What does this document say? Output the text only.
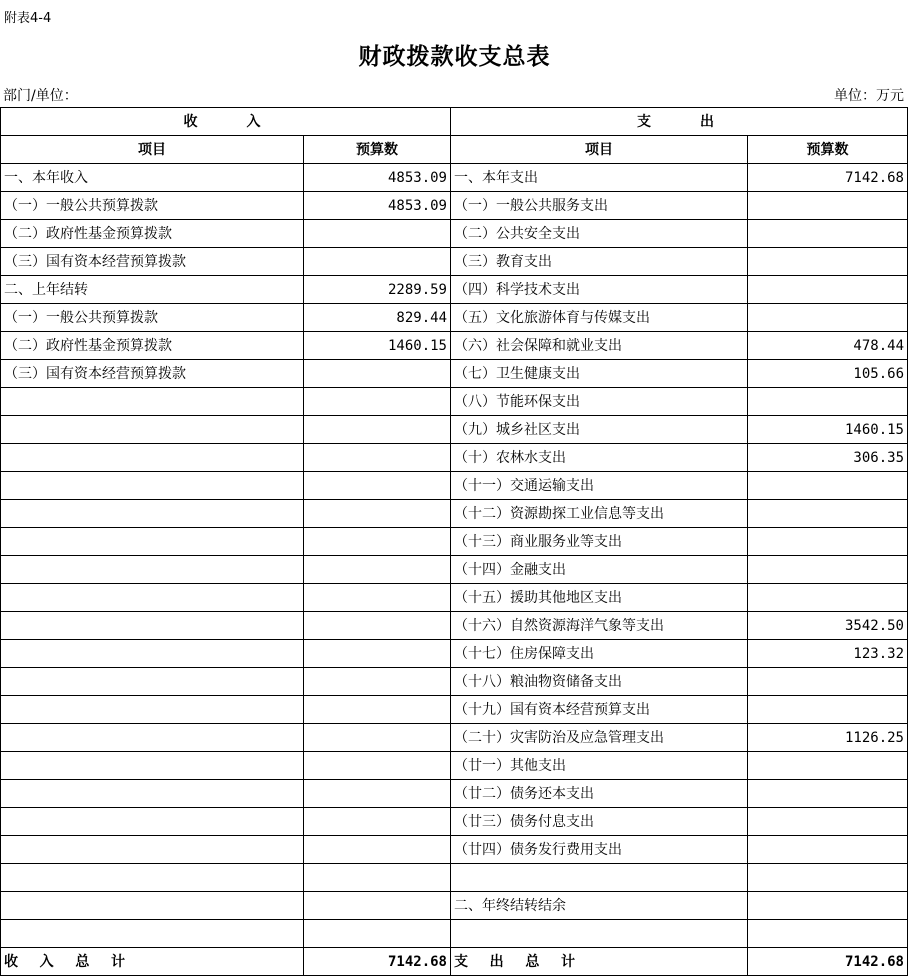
附表4-4
财政拨款收支总表
部门/单位：	单位：万元
收　　入		支　　出	
项目	预算数	项目	预算数
一、本年收入	4853.09	一、本年支出	7142.68
（一）一般公共预算拨款	4853.09	（一）一般公共服务支出	
（二）政府性基金预算拨款		（二）公共安全支出	
（三）国有资本经营预算拨款		（三）教育支出	
二、上年结转	2289.59	（四）科学技术支出	
（一）一般公共预算拨款	829.44	（五）文化旅游体育与传媒支出	
（二）政府性基金预算拨款	1460.15	（六）社会保障和就业支出	478.44
（三）国有资本经营预算拨款		（七）卫生健康支出	105.66
		（八）节能环保支出	
		（九）城乡社区支出	1460.15
		（十）农林水支出	306.35
		（十一）交通运输支出	
		（十二）资源勘探工业信息等支出	
		（十三）商业服务业等支出	
		（十四）金融支出	
		（十五）援助其他地区支出	
		（十六）自然资源海洋气象等支出	3542.50
		（十七）住房保障支出	123.32
		（十八）粮油物资储备支出	
		（十九）国有资本经营预算支出	
		（二十）灾害防治及应急管理支出	1126.25
		（廿一）其他支出	
		（廿二）债务还本支出	
		（廿三）债务付息支出	
		（廿四）债务发行费用支出	

		二、年终结转结余	

收 入 总 计	7142.68	支 出 总 计	7142.68
